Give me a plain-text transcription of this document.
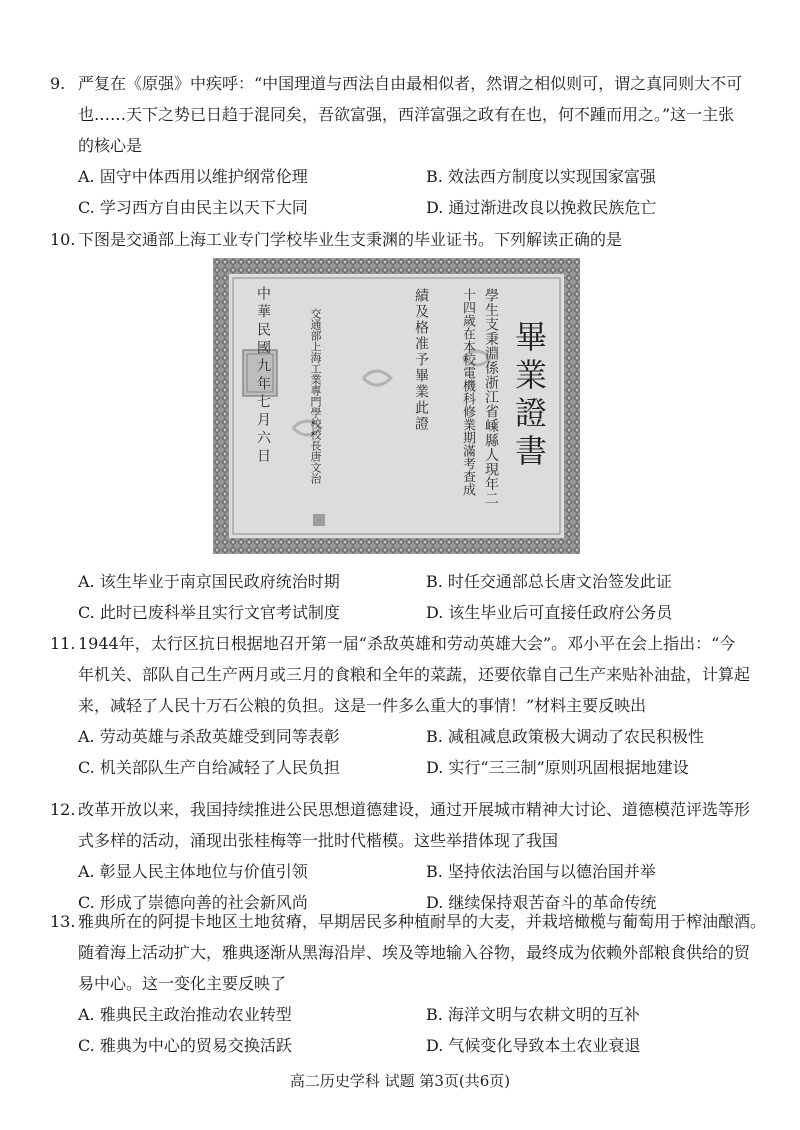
9. 严复在《原强》中疾呼：“中国理道与西法自由最相似者，然谓之相似则可，谓之真同则大不可
也……天下之势已日趋于混同矣，吾欲富强，西洋富强之政有在也，何不踵而用之。”这一主张
的核心是
A. 固守中体西用以维护纲常伦理	B. 效法西方制度以实现国家富强
C. 学习西方自由民主以天下大同	D. 通过渐进改良以挽救民族危亡
10. 下图是交通部上海工业专门学校毕业生支秉渊的毕业证书。下列解读正确的是
畢業證書
學生支秉淵係浙江省嵊縣人現年二
十四歲在本校電機科修業期滿考查成
績及格准予畢業此證
交通部上海工業專門學校校長唐文治
中華民國九年七月六日
A. 该生毕业于南京国民政府统治时期	B. 时任交通部总长唐文治签发此证
C. 此时已废科举且实行文官考试制度	D. 该生毕业后可直接任政府公务员
11. 1944年，太行区抗日根据地召开第一届“杀敌英雄和劳动英雄大会”。邓小平在会上指出：“今
年机关、部队自己生产两月或三月的食粮和全年的菜蔬，还要依靠自己生产来贴补油盐，计算起
来，减轻了人民十万石公粮的负担。这是一件多么重大的事情！”材料主要反映出
A. 劳动英雄与杀敌英雄受到同等表彰	B. 减租减息政策极大调动了农民积极性
C. 机关部队生产自给减轻了人民负担	D. 实行“三三制”原则巩固根据地建设
12. 改革开放以来，我国持续推进公民思想道德建设，通过开展城市精神大讨论、道德模范评选等形
式多样的活动，涌现出张桂梅等一批时代楷模。这些举措体现了我国
A. 彰显人民主体地位与价值引领	B. 坚持依法治国与以德治国并举
C. 形成了崇德向善的社会新风尚	D. 继续保持艰苦奋斗的革命传统
13. 雅典所在的阿提卡地区土地贫瘠，早期居民多种植耐旱的大麦，并栽培橄榄与葡萄用于榨油酿酒。
随着海上活动扩大，雅典逐渐从黑海沿岸、埃及等地输入谷物，最终成为依赖外部粮食供给的贸
易中心。这一变化主要反映了
A. 雅典民主政治推动农业转型	B. 海洋文明与农耕文明的互补
C. 雅典为中心的贸易交换活跃	D. 气候变化导致本土农业衰退
高二历史学科 试题 第3页(共6页)
